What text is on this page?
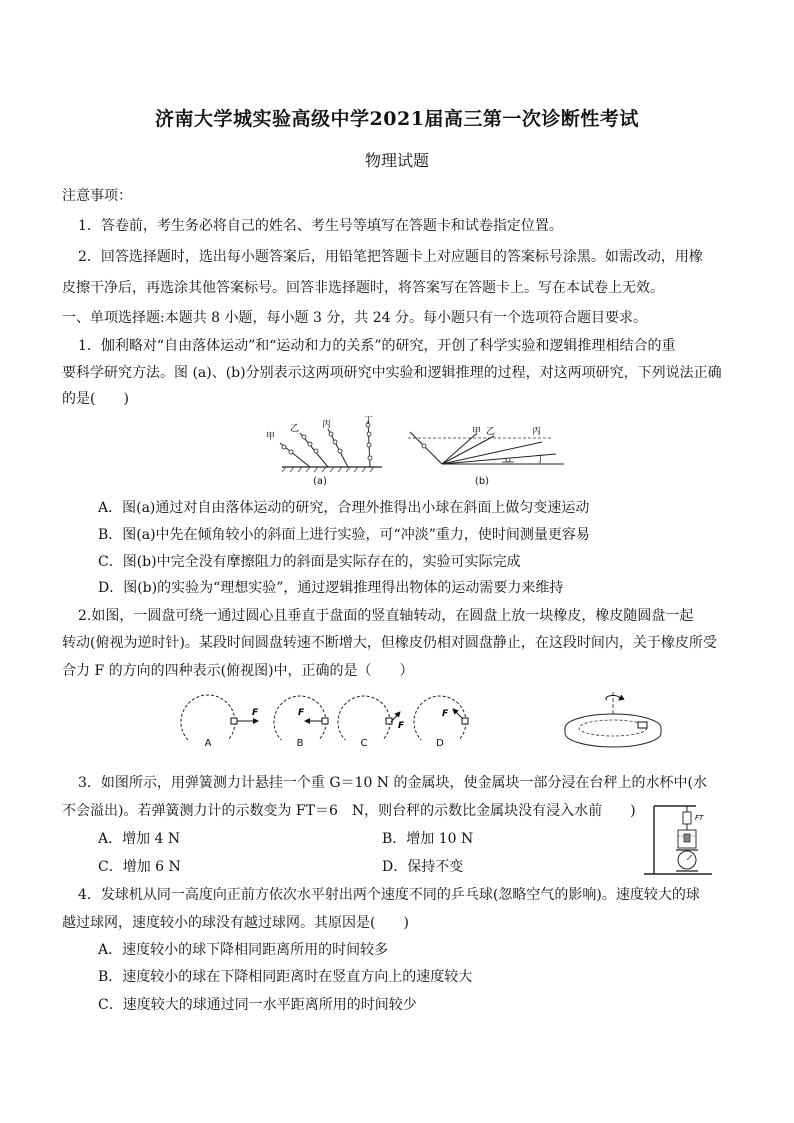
济南大学城实验高级中学2021届高三第一次诊断性考试
物理试题
注意事项：
1．答卷前，考生务必将自己的姓名、考生号等填写在答题卡和试卷指定位置。
2．回答选择题时，选出每小题答案后，用铅笔把答题卡上对应题目的答案标号涂黑。如需改动，用橡
皮擦干净后，再选涂其他答案标号。回答非选择题时，将答案写在答题卡上。写在本试卷上无效。
一、单项选择题:本题共 8 小题，每小题 3 分，共 24 分。每小题只有一个选项符合题目要求。
1．伽利略对“自由落体运动”和“运动和力的关系”的研究，开创了科学实验和逻辑推理相结合的重
要科学研究方法。图 (a)、(b)分别表示这两项研究中实验和逻辑推理的过程，对这两项研究，下列说法正确
的是(　　)
甲
乙	丙	丁
(a)
甲 乙	丙
丁
(b)
A．图(a)通过对自由落体运动的研究，合理外推得出小球在斜面上做匀变速运动
B．图(a)中先在倾角较小的斜面上进行实验，可“冲淡”重力，使时间测量更容易
C．图(b)中完全没有摩擦阻力的斜面是实际存在的，实验可实际完成
D．图(b)的实验为“理想实验”，通过逻辑推理得出物体的运动需要力来维持
2.如图，一圆盘可绕一通过圆心且垂直于盘面的竖直轴转动，在圆盘上放一块橡皮，橡皮随圆盘一起
转动(俯视为逆时针)。某段时间圆盘转速不断增大，但橡皮仍相对圆盘静止，在这段时间内，关于橡皮所受
合力 F 的方向的四种表示(俯视图)中，正确的是（　　）
F	F
F
F
A	B	C	D
3．如图所示，用弹簧测力计悬挂一个重 G＝10 N 的金属块，使金属块一部分浸在台秤上的水杯中(水
不会溢出)。若弹簧测力计的示数变为 FT＝6　N，则台秤的示数比金属块没有浸入水前　　)
A．增加 4 N	B．增加 10 N
C．增加 6 N	D．保持不变
FT
4．发球机从同一高度向正前方依次水平射出两个速度不同的乒乓球(忽略空气的影响)。速度较大的球
越过球网，速度较小的球没有越过球网。其原因是(　　)
A．速度较小的球下降相同距离所用的时间较多
B．速度较小的球在下降相同距离时在竖直方向上的速度较大
C．速度较大的球通过同一水平距离所用的时间较少
